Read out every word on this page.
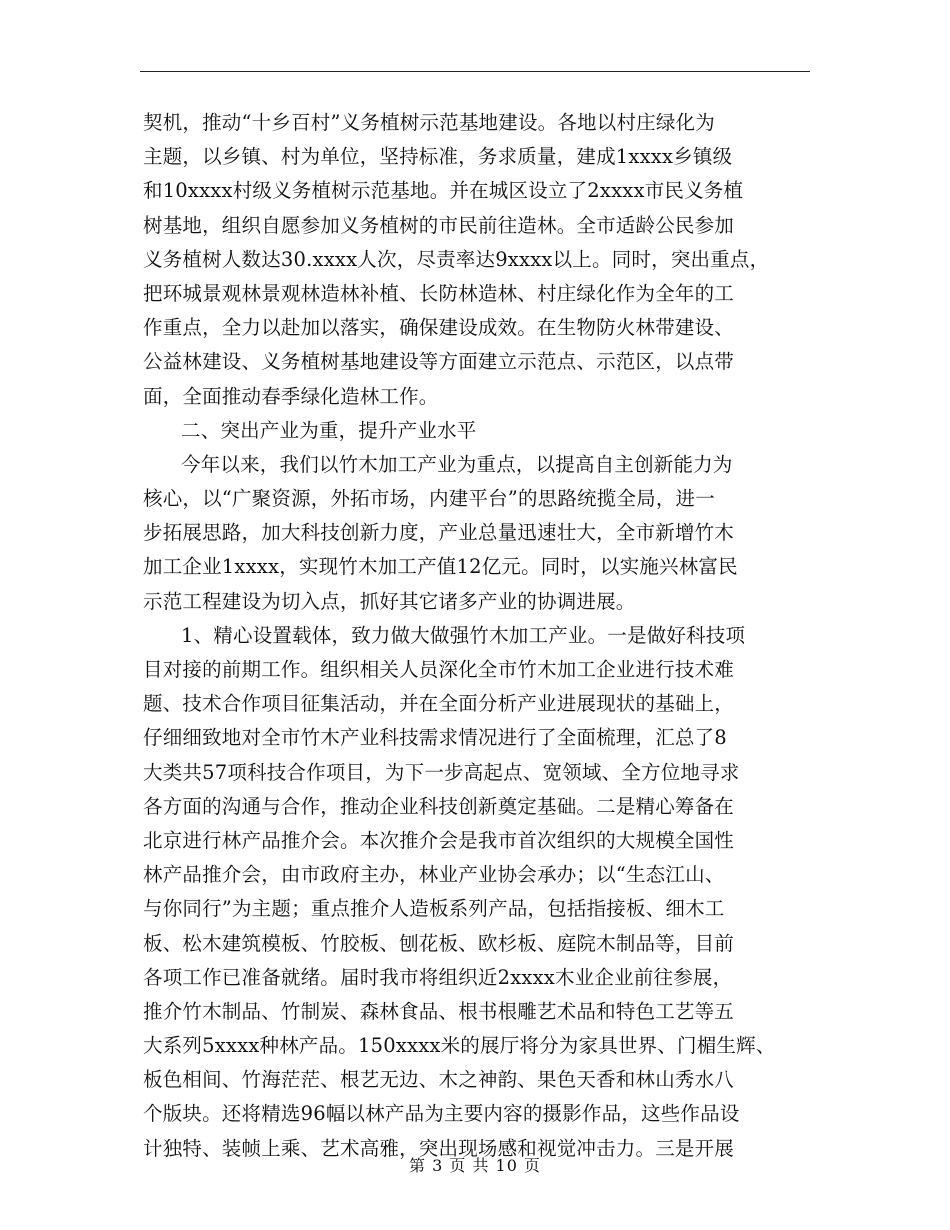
契机，推动“十乡百村”义务植树示范基地建设。各地以村庄绿化为
主题，以乡镇、村为单位，坚持标准，务求质量，建成1xxxx乡镇级
和10xxxx村级义务植树示范基地。并在城区设立了2xxxx市民义务植
树基地，组织自愿参加义务植树的市民前往造林。全市适龄公民参加
义务植树人数达30.xxxx人次，尽责率达9xxxx以上。同时，突出重点，
把环城景观林景观林造林补植、长防林造林、村庄绿化作为全年的工
作重点，全力以赴加以落实，确保建设成效。在生物防火林带建设、
公益林建设、义务植树基地建设等方面建立示范点、示范区，以点带
面，全面推动春季绿化造林工作。
二、突出产业为重，提升产业水平
今年以来，我们以竹木加工产业为重点，以提高自主创新能力为
核心，以“广聚资源，外拓市场，内建平台”的思路统揽全局，进一
步拓展思路，加大科技创新力度，产业总量迅速壮大，全市新增竹木
加工企业1xxxx，实现竹木加工产值12亿元。同时，以实施兴林富民
示范工程建设为切入点，抓好其它诸多产业的协调进展。
1、精心设置载体，致力做大做强竹木加工产业。一是做好科技项
目对接的前期工作。组织相关人员深化全市竹木加工企业进行技术难
题、技术合作项目征集活动，并在全面分析产业进展现状的基础上，
仔细细致地对全市竹木产业科技需求情况进行了全面梳理，汇总了8
大类共57项科技合作项目，为下一步高起点、宽领域、全方位地寻求
各方面的沟通与合作，推动企业科技创新奠定基础。二是精心筹备在
北京进行林产品推介会。本次推介会是我市首次组织的大规模全国性
林产品推介会，由市政府主办，林业产业协会承办；以“生态江山、
与你同行”为主题；重点推介人造板系列产品，包括指接板、细木工
板、松木建筑模板、竹胶板、刨花板、欧杉板、庭院木制品等，目前
各项工作已准备就绪。届时我市将组织近2xxxx木业企业前往参展，
推介竹木制品、竹制炭、森林食品、根书根雕艺术品和特色工艺等五
大系列5xxxx种林产品。150xxxx米的展厅将分为家具世界、门楣生辉、
板色相间、竹海茫茫、根艺无边、木之神韵、果色天香和林山秀水八
个版块。还将精选96幅以林产品为主要内容的摄影作品，这些作品设
计独特、装帧上乘、艺术高雅，突出现场感和视觉冲击力。三是开展
第 3 页 共 10 页
